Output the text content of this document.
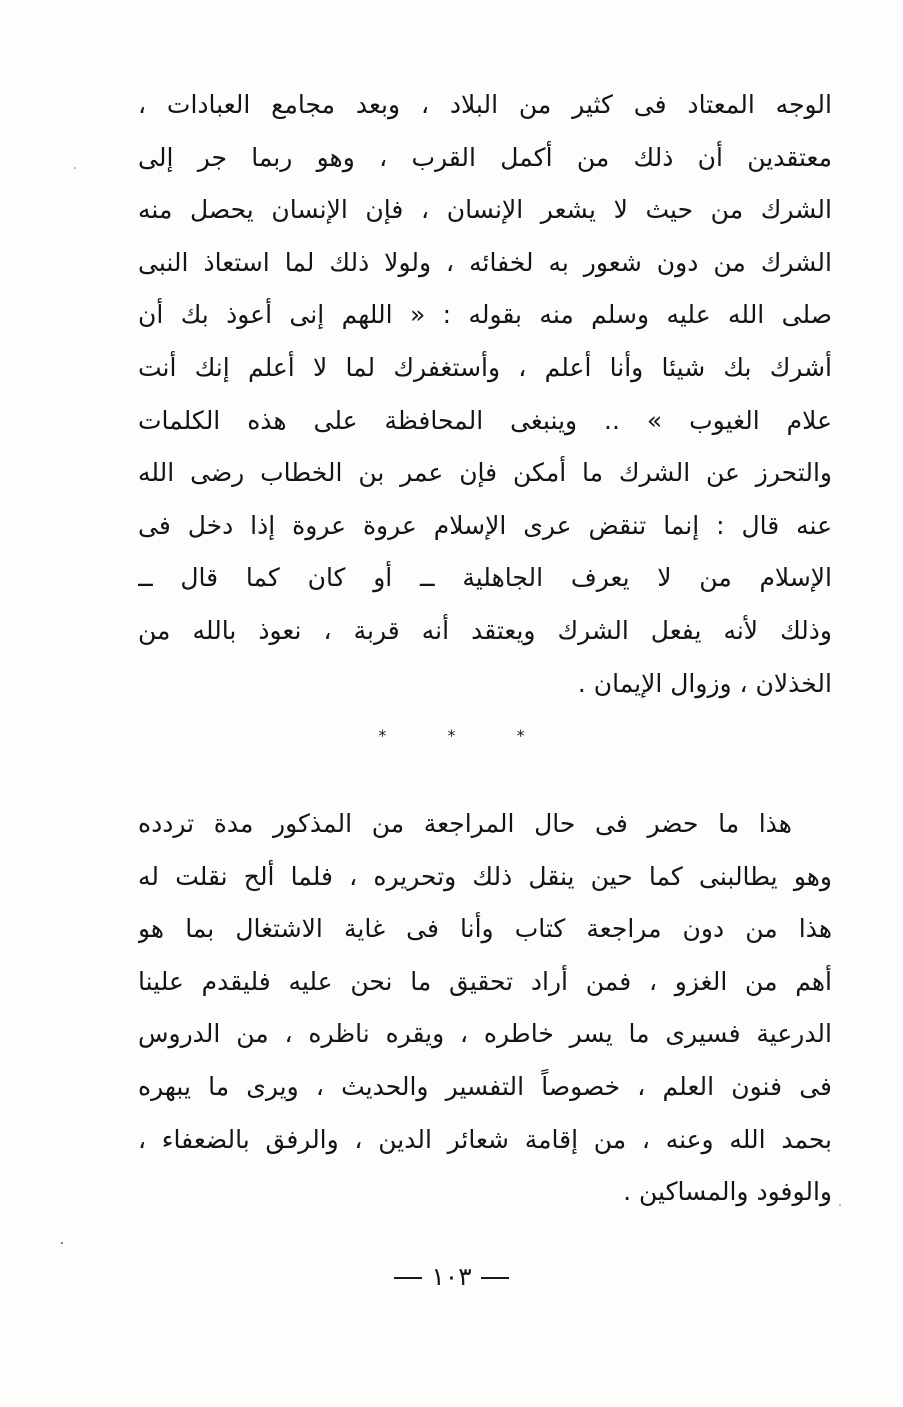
الوجه المعتاد فى كثير من البلاد ، وبعد مجامع العبادات ،
معتقدين أن ذلك من أكمل القرب ، وهو ربما جر إلى
الشرك من حيث لا يشعر الإنسان ، فإن الإنسان يحصل منه
الشرك من دون شعور به لخفائه ، ولولا ذلك لما استعاذ النبى
صلى الله عليه وسلم منه بقوله : « اللهم إنى أعوذ بك أن
أشرك بك شيئا وأنا أعلم ، وأستغفرك لما لا أعلم إنك أنت
علام الغيوب » .. وينبغى المحافظة على هذه الكلمات
والتحرز عن الشرك ما أمكن فإن عمر بن الخطاب رضى الله
عنه قال : إنما تنقض عرى الإسلام عروة عروة إذا دخل فى
الإسلام من لا يعرف الجاهلية ــ أو كان كما قال ــ
وذلك لأنه يفعل الشرك ويعتقد أنه قربة ، نعوذ بالله من
الخذلان ، وزوال الإيمان .
*	*	*
هذا ما حضر فى حال المراجعة من المذكور مدة تردده
وهو يطالبنى كما حين ينقل ذلك وتحريره ، فلما ألح نقلت له
هذا من دون مراجعة كتاب وأنا فى غاية الاشتغال بما هو
أهم من الغزو ، فمن أراد تحقيق ما نحن عليه فليقدم علينا
الدرعية فسيرى ما يسر خاطره ، ويقره ناظره ، من الدروس
فى فنون العلم ، خصوصاً التفسير والحديث ، ويرى ما يبهره
بحمد الله وعنه ، من إقامة شعائر الدين ، والرفق بالضعفاء ،
والوفود والمساكين .
١٠٣
